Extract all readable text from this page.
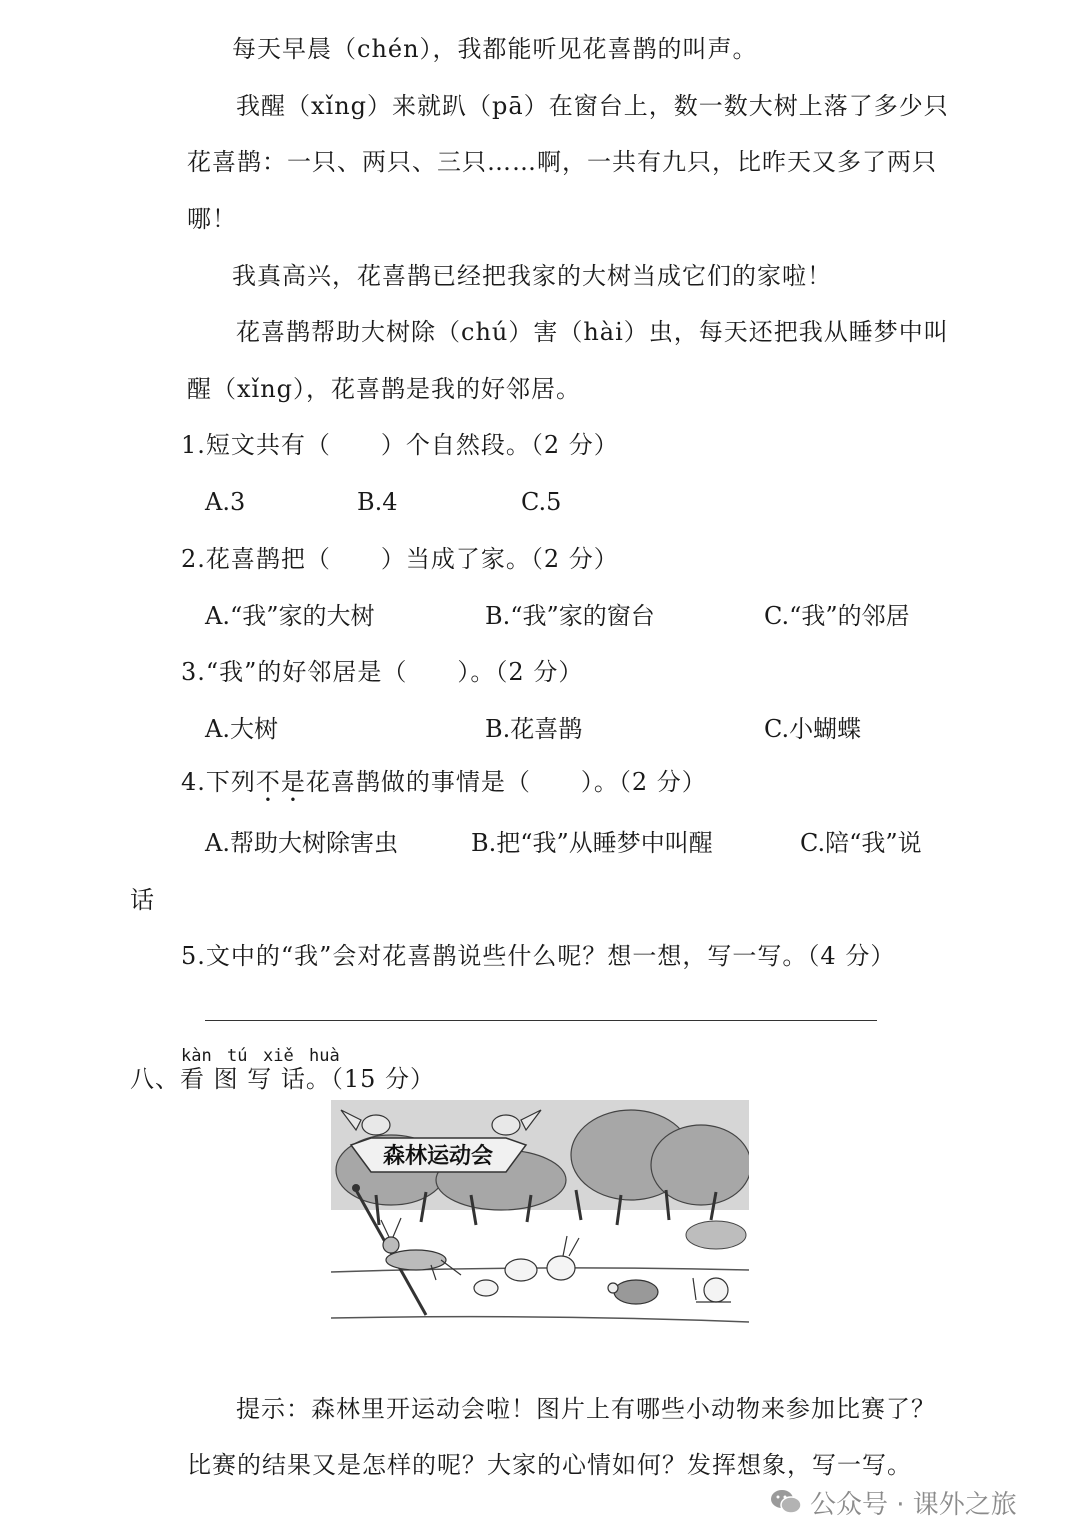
每天早晨（chén），我都能听见花喜鹊的叫声。
我醒（xǐng）来就趴（pā）在窗台上，数一数大树上落了多少只
花喜鹊：一只、两只、三只……啊，一共有九只，比昨天又多了两只
哪！
我真高兴，花喜鹊已经把我家的大树当成它们的家啦！
花喜鹊帮助大树除（chú）害（hài）虫，每天还把我从睡梦中叫
醒（xǐng），花喜鹊是我的好邻居。
1.短文共有（　　）个自然段。（2 分）
A.3	B.4	C.5
2.花喜鹊把（　　）当成了家。（2 分）
A.“我”家的大树	B.“我”家的窗台	C.“我”的邻居
3.“我”的好邻居是（　　）。（2 分）
A.大树	B.花喜鹊	C.小蝴蝶
4.下列不是花喜鹊做的事情是（　　）。（2 分）
A.帮助大树除害虫	B.把“我”从睡梦中叫醒	C.陪“我”说
话
5.文中的“我”会对花喜鹊说些什么呢？想一想，写一写。（4 分）
kàn tú xiě huà
八、看 图 写 话。（15 分）
森林运动会
提示：森林里开运动会啦！图片上有哪些小动物来参加比赛了？
比赛的结果又是怎样的呢？大家的心情如何？发挥想象，写一写。
公众号 · 课外之旅
